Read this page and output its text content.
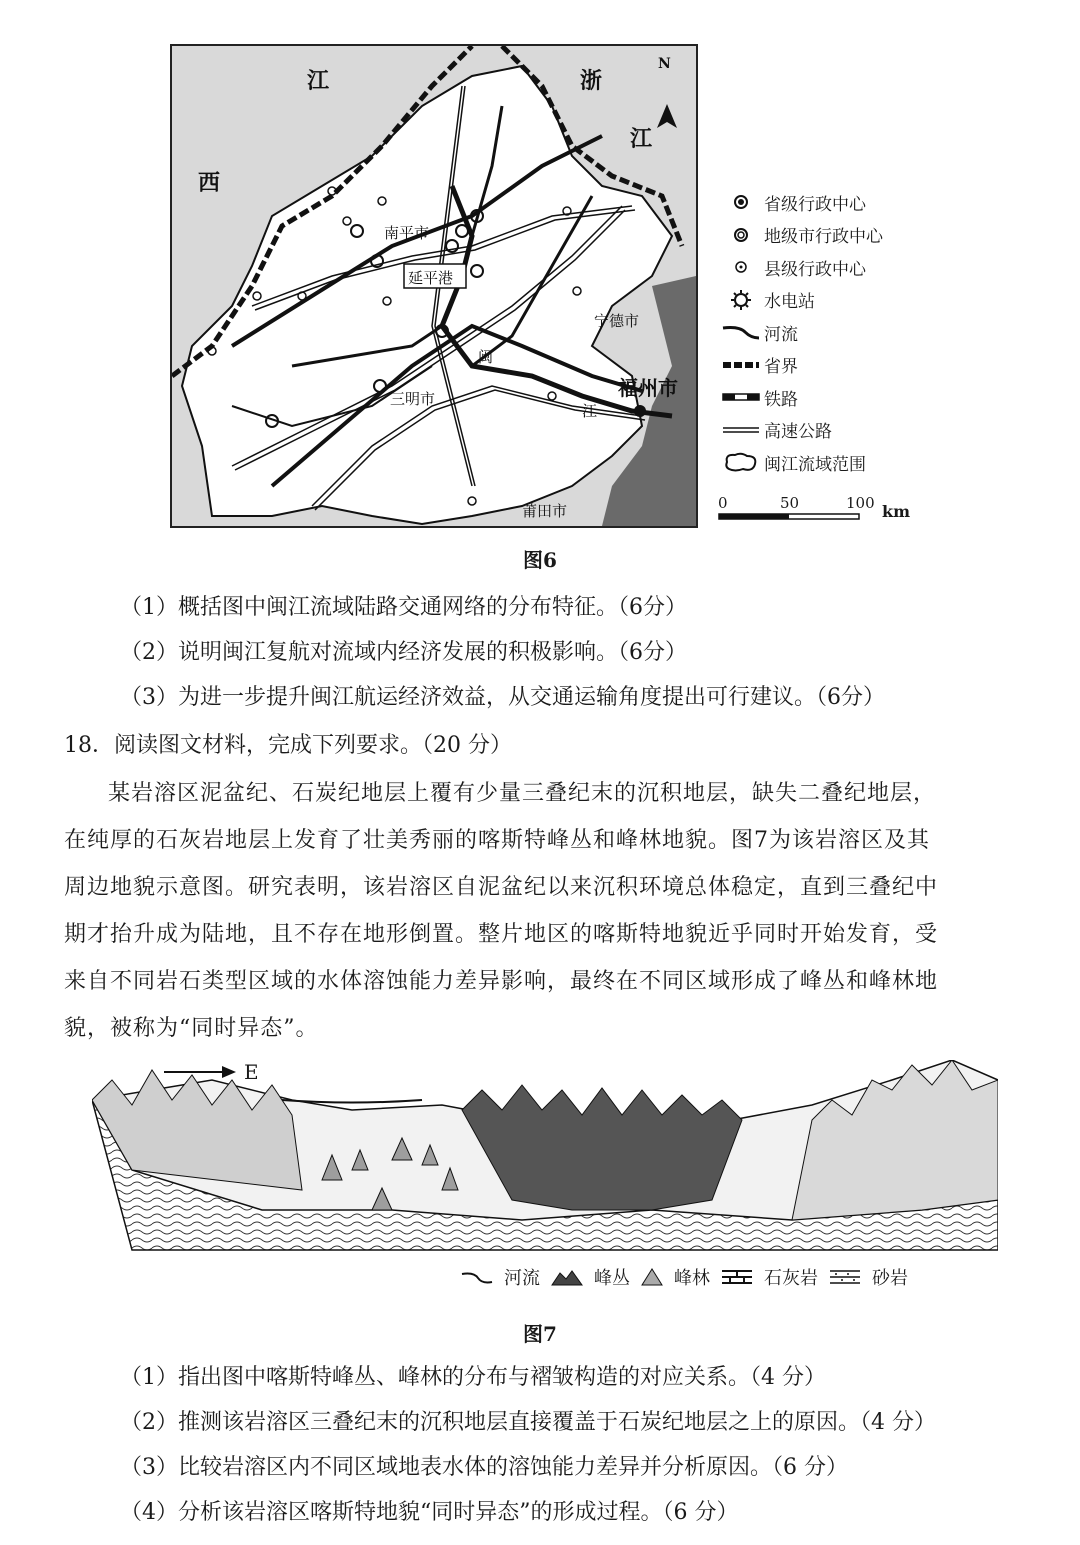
江	浙
江
西
N
南平市
延平港
三明市
宁德市
福州市
闽
江
莆田市
省级行政中心
地级市行政中心
县级行政中心
水电站
河流
省界
铁路
高速公路
闽江流域范围
0	50	100 km
图6
（1）概括图中闽江流域陆路交通网络的分布特征。（6分）
（2）说明闽江复航对流域内经济发展的积极影响。（6分）
（3）为进一步提升闽江航运经济效益，从交通运输角度提出可行建议。（6分）
18．阅读图文材料，完成下列要求。（20 分）
某岩溶区泥盆纪、石炭纪地层上覆有少量三叠纪末的沉积地层，缺失二叠纪地层，
在纯厚的石灰岩地层上发育了壮美秀丽的喀斯特峰丛和峰林地貌。图7为该岩溶区及其
周边地貌示意图。研究表明，该岩溶区自泥盆纪以来沉积环境总体稳定，直到三叠纪中
期才抬升成为陆地，且不存在地形倒置。整片地区的喀斯特地貌近乎同时开始发育，受
来自不同岩石类型区域的水体溶蚀能力差异影响，最终在不同区域形成了峰丛和峰林地
貌，被称为“同时异态”。
E
河流	峰丛 峰林	石灰岩	砂岩
图7
（1）指出图中喀斯特峰丛、峰林的分布与褶皱构造的对应关系。（4 分）
（2）推测该岩溶区三叠纪末的沉积地层直接覆盖于石炭纪地层之上的原因。（4 分）
（3）比较岩溶区内不同区域地表水体的溶蚀能力差异并分析原因。（6 分）
（4）分析该岩溶区喀斯特地貌“同时异态”的形成过程。（6 分）
